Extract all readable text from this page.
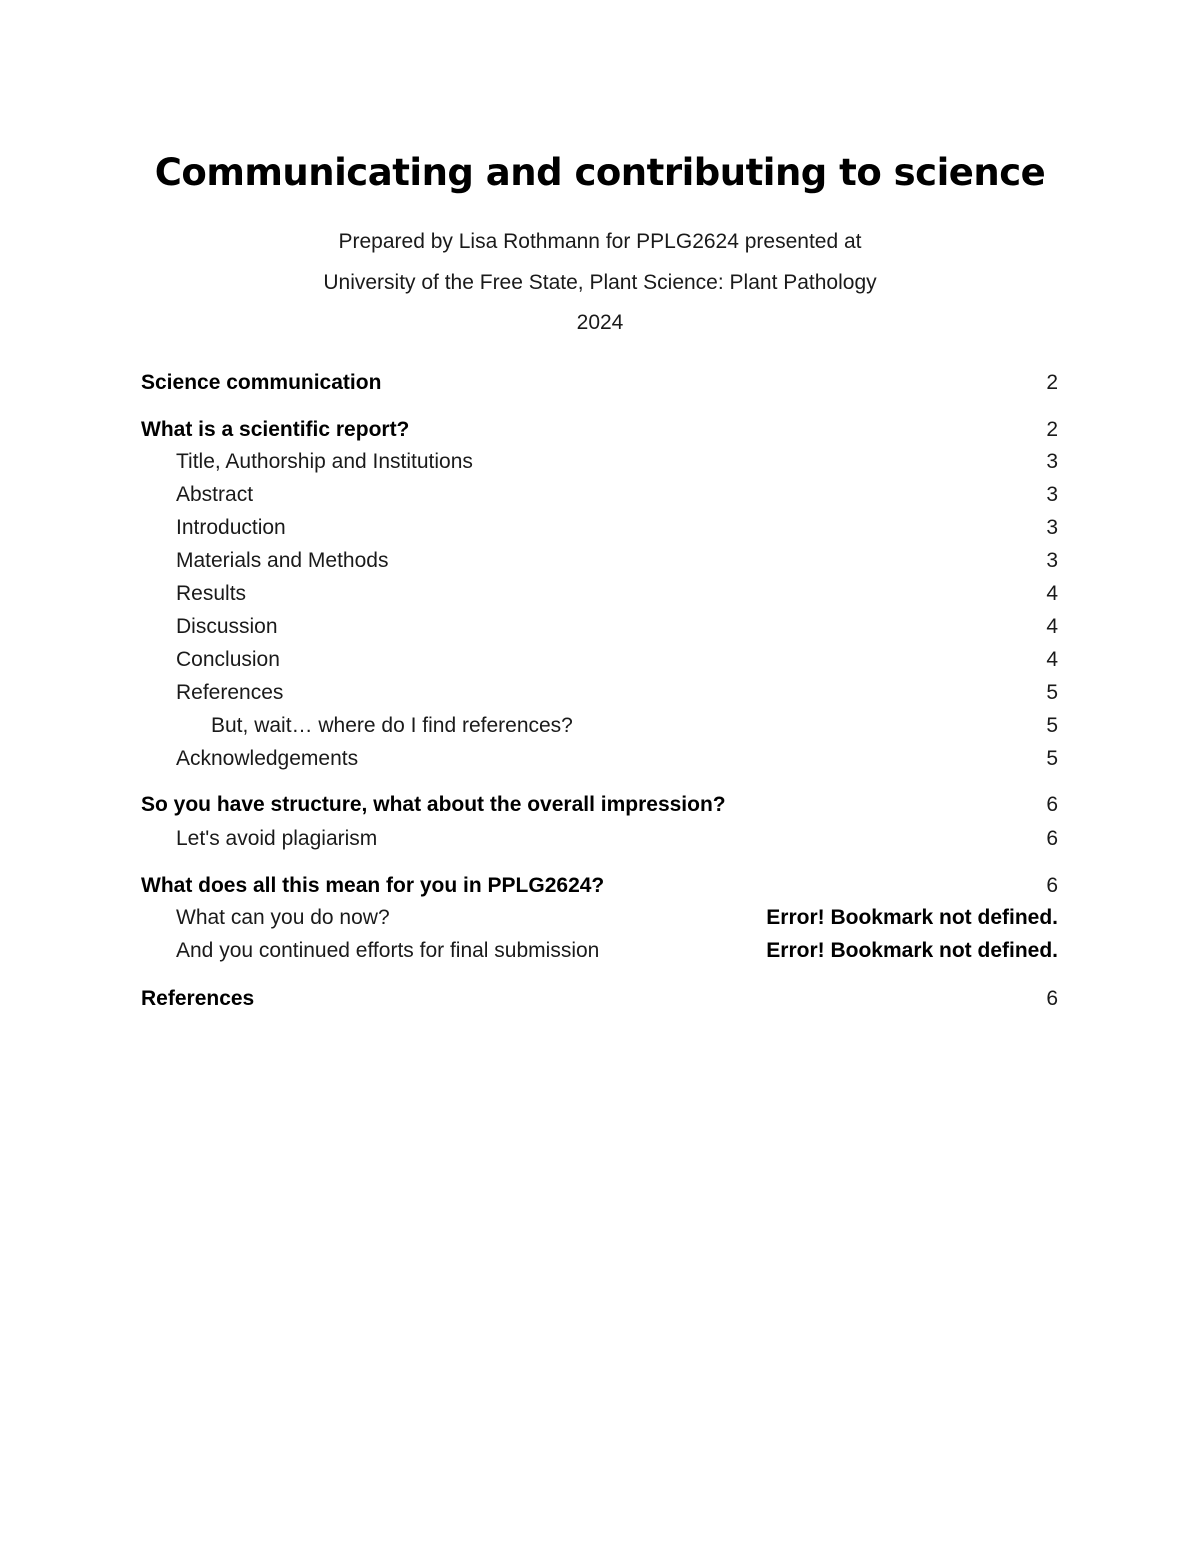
Communicating and contributing to science
Prepared by Lisa Rothmann for PPLG2624 presented at
University of the Free State, Plant Science: Plant Pathology
2024
Science communication	2
What is a scientific report?	2
Title, Authorship and Institutions	3
Abstract	3
Introduction	3
Materials and Methods	3
Results	4
Discussion	4
Conclusion	4
References	5
But, wait… where do I find references?	5
Acknowledgements	5
So you have structure, what about the overall impression?	6
Let's avoid plagiarism	6
What does all this mean for you in PPLG2624?	6
What can you do now?	Error! Bookmark not defined.
And you continued efforts for final submission	Error! Bookmark not defined.
References	6
